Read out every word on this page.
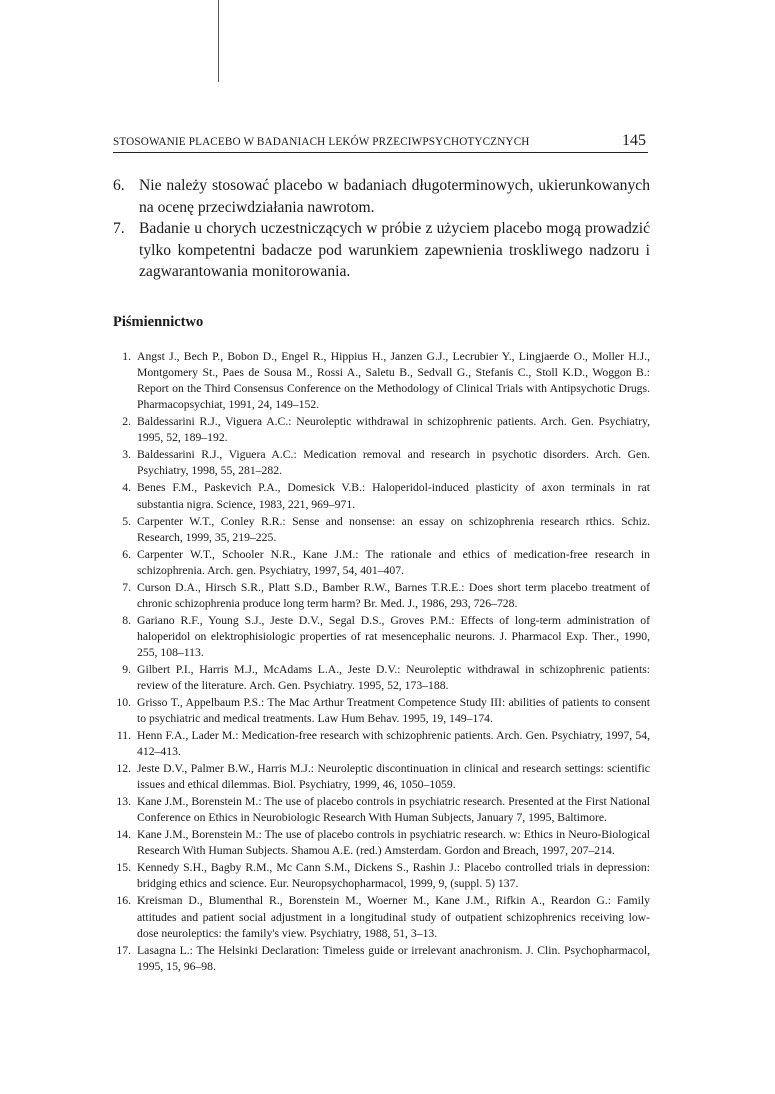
STOSOWANIE PLACEBO W BADANIACH LEKÓW PRZECIWPSYCHOTYCZNYCH	145
6. Nie należy stosować placebo w badaniach długoterminowych, ukierunkowanych na ocenę przeciwdziałania nawrotom.
7. Badanie u chorych uczestniczących w próbie z użyciem placebo mogą prowadzić tylko kompetentni badacze pod warunkiem zapewnienia troskliwego nadzoru i zagwarantowania monitorowania.
Piśmiennictwo
1. Angst J., Bech P., Bobon D., Engel R., Hippius H., Janzen G.J., Lecrubier Y., Lingjaerde O., Moller H.J., Montgomery St., Paes de Sousa M., Rossi A., Saletu B., Sedvall G., Stefanis C., Stoll K.D., Woggon B.: Report on the Third Consensus Conference on the Methodology of Clinical Trials with Antipsychotic Drugs. Pharmacopsychiat, 1991, 24, 149–152.
2. Baldessarini R.J., Viguera A.C.: Neuroleptic withdrawal in schizophrenic patients. Arch. Gen. Psychiatry, 1995, 52, 189–192.
3. Baldessarini R.J., Viguera A.C.: Medication removal and research in psychotic disorders. Arch. Gen. Psychiatry, 1998, 55, 281–282.
4. Benes F.M., Paskevich P.A., Domesick V.B.: Haloperidol-induced plasticity of axon terminals in rat substantia nigra. Science, 1983, 221, 969–971.
5. Carpenter W.T., Conley R.R.: Sense and nonsense: an essay on schizophrenia research rthics. Schiz. Research, 1999, 35, 219–225.
6. Carpenter W.T., Schooler N.R., Kane J.M.: The rationale and ethics of medication-free research in schizophrenia. Arch. gen. Psychiatry, 1997, 54, 401–407.
7. Curson D.A., Hirsch S.R., Platt S.D., Bamber R.W., Barnes T.R.E.: Does short term placebo treatment of chronic schizophrenia produce long term harm? Br. Med. J., 1986, 293, 726–728.
8. Gariano R.F., Young S.J., Jeste D.V., Segal D.S., Groves P.M.: Effects of long-term administration of haloperidol on elektrophisiologic properties of rat mesencephalic neurons. J. Pharmacol Exp. Ther., 1990, 255, 108–113.
9. Gilbert P.I., Harris M.J., McAdams L.A., Jeste D.V.: Neuroleptic withdrawal in schizophrenic patients: review of the literature. Arch. Gen. Psychiatry. 1995, 52, 173–188.
10. Grisso T., Appelbaum P.S.: The Mac Arthur Treatment Competence Study III: abilities of patients to consent to psychiatric and medical treatments. Law Hum Behav. 1995, 19, 149–174.
11. Henn F.A., Lader M.: Medication-free research with schizophrenic patients. Arch. Gen. Psychiatry, 1997, 54, 412–413.
12. Jeste D.V., Palmer B.W., Harris M.J.: Neuroleptic discontinuation in clinical and research settings: scientific issues and ethical dilemmas. Biol. Psychiatry, 1999, 46, 1050–1059.
13. Kane J.M., Borenstein M.: The use of placebo controls in psychiatric research. Presented at the First National Conference on Ethics in Neurobiologic Research With Human Subjects, January 7, 1995, Baltimore.
14. Kane J.M., Borenstein M.: The use of placebo controls in psychiatric research. w: Ethics in Neuro-Biological Research With Human Subjects. Shamou A.E. (red.) Amsterdam. Gordon and Breach, 1997, 207–214.
15. Kennedy S.H., Bagby R.M., Mc Cann S.M., Dickens S., Rashin J.: Placebo controlled trials in depression: bridging ethics and science. Eur. Neuropsychopharmacol, 1999, 9, (suppl. 5) 137.
16. Kreisman D., Blumenthal R., Borenstein M., Woerner M., Kane J.M., Rifkin A., Reardon G.: Family attitudes and patient social adjustment in a longitudinal study of outpatient schizophrenics receiving low-dose neuroleptics: the family's view. Psychiatry, 1988, 51, 3–13.
17. Lasagna L.: The Helsinki Declaration: Timeless guide or irrelevant anachronism. J. Clin. Psychopharmacol, 1995, 15, 96–98.
